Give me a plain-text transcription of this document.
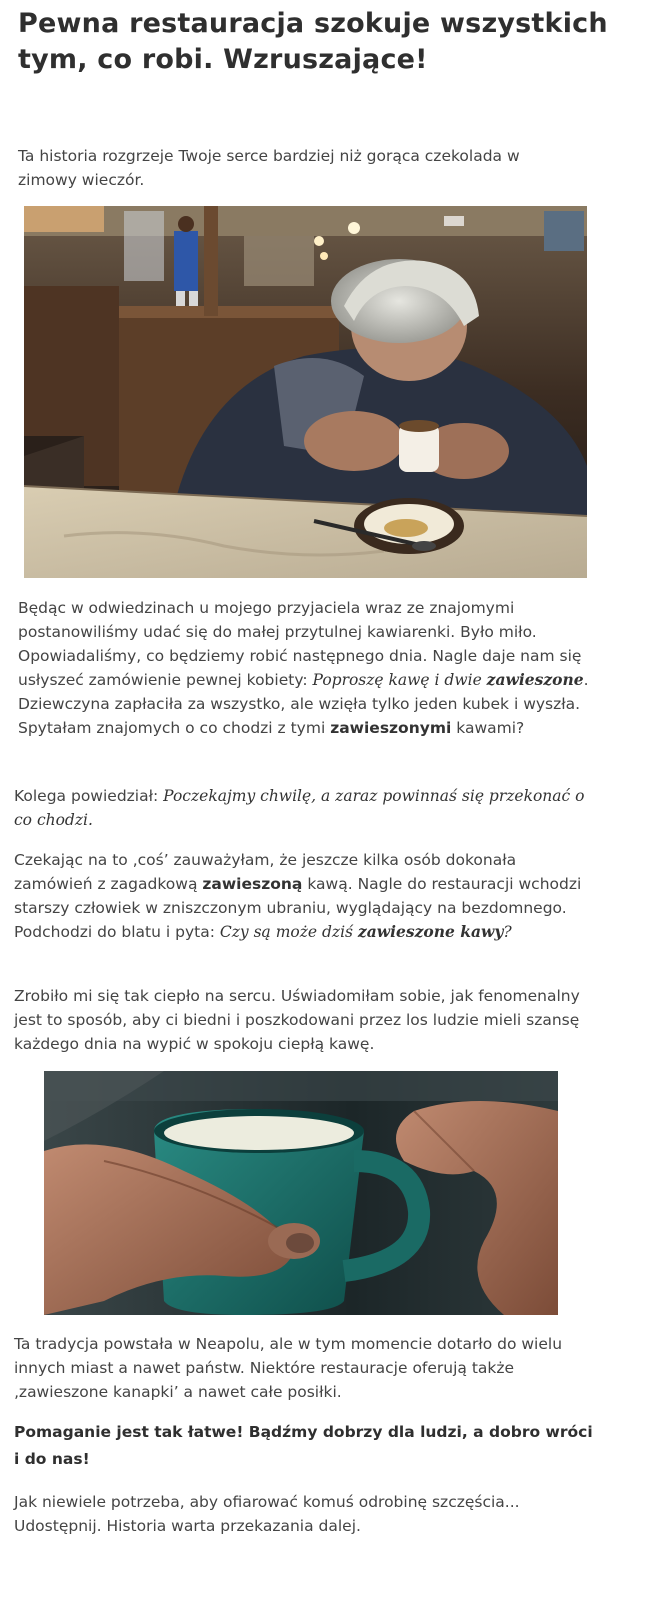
Pewna restauracja szokuje wszystkich tym, co robi. Wzruszające!

Ta historia rozgrzeje Twoje serce bardziej niż gorąca czekolada w zimowy wieczór.

Będąc w odwiedzinach u mojego przyjaciela wraz ze znajomymi postanowiliśmy udać się do małej przytulnej kawiarenki. Było miło. Opowiadaliśmy, co będziemy robić następnego dnia. Nagle daje nam się usłyszeć zamówienie pewnej kobiety: Poproszę kawę i dwie zawieszone. Dziewczyna zapłaciła za wszystko, ale wzięła tylko jeden kubek i wyszła. Spytałam znajomych o co chodzi z tymi zawieszonymi kawami?

Kolega powiedział: Poczekajmy chwilę, a zaraz powinnaś się przekonać o co chodzi.

Czekając na to ‚coś’ zauważyłam, że jeszcze kilka osób dokonała zamówień z zagadkową zawieszoną kawą. Nagle do restauracji wchodzi starszy człowiek w zniszczonym ubraniu, wyglądający na bezdomnego. Podchodzi do blatu i pyta: Czy są może dziś zawieszone kawy?

Zrobiło mi się tak ciepło na sercu. Uświadomiłam sobie, jak fenomenalny jest to sposób, aby ci biedni i poszkodowani przez los ludzie mieli szansę każdego dnia na wypić w spokoju ciepłą kawę.

Ta tradycja powstała w Neapolu, ale w tym momencie dotarło do wielu innych miast a nawet państw. Niektóre restauracje oferują także ‚zawieszone kanapki’ a nawet całe posiłki.

Pomaganie jest tak łatwe! Bądźmy dobrzy dla ludzi, a dobro wróci i do nas!

Jak niewiele potrzeba, aby ofiarować komuś odrobinę szczęścia... Udostępnij. Historia warta przekazania dalej.
